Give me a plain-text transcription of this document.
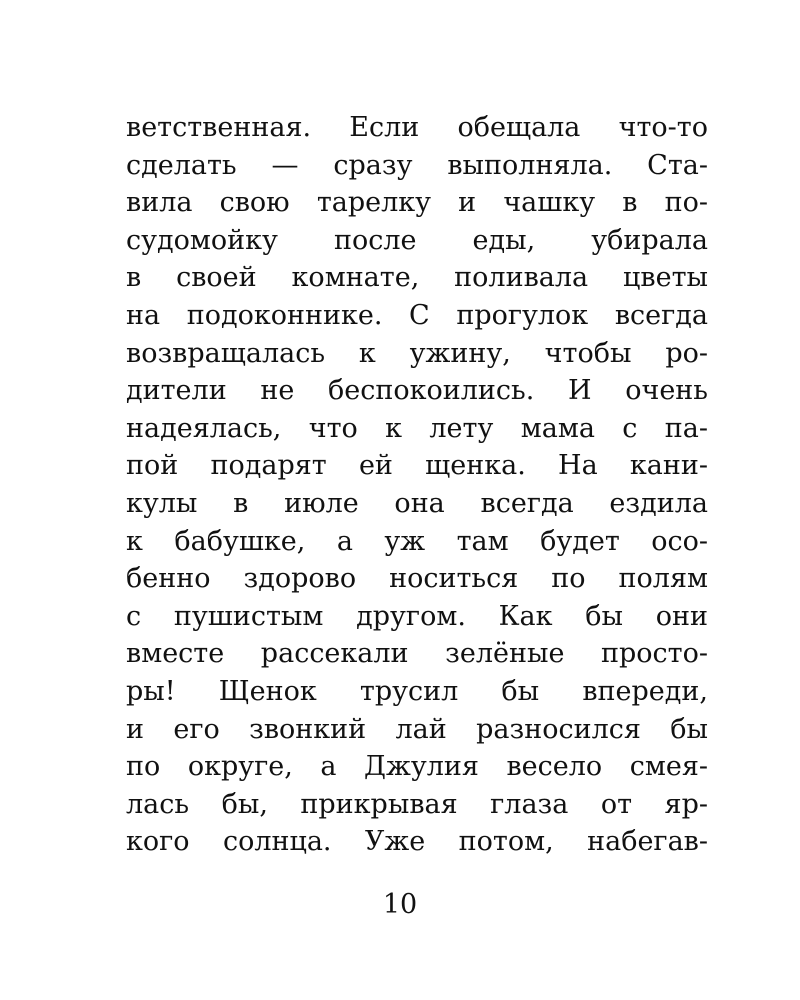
ветственная. Если обещала что-то
сделать — сразу выполняла. Ста-
вила свою тарелку и чашку в по-
судомойку после еды, убирала
в своей комнате, поливала цветы
на подоконнике. С прогулок всегда
возвращалась к ужину, чтобы ро-
дители не беспокоились. И очень
надеялась, что к лету мама с па-
пой подарят ей щенка. На кани-
кулы в июле она всегда ездила
к бабушке, а уж там будет осо-
бенно здорово носиться по полям
с пушистым другом. Как бы они
вместе рассекали зелёные просто-
ры! Щенок трусил бы впереди,
и его звонкий лай разносился бы
по округе, а Джулия весело смея-
лась бы, прикрывая глаза от яр-
кого солнца. Уже потом, набегав-
10
